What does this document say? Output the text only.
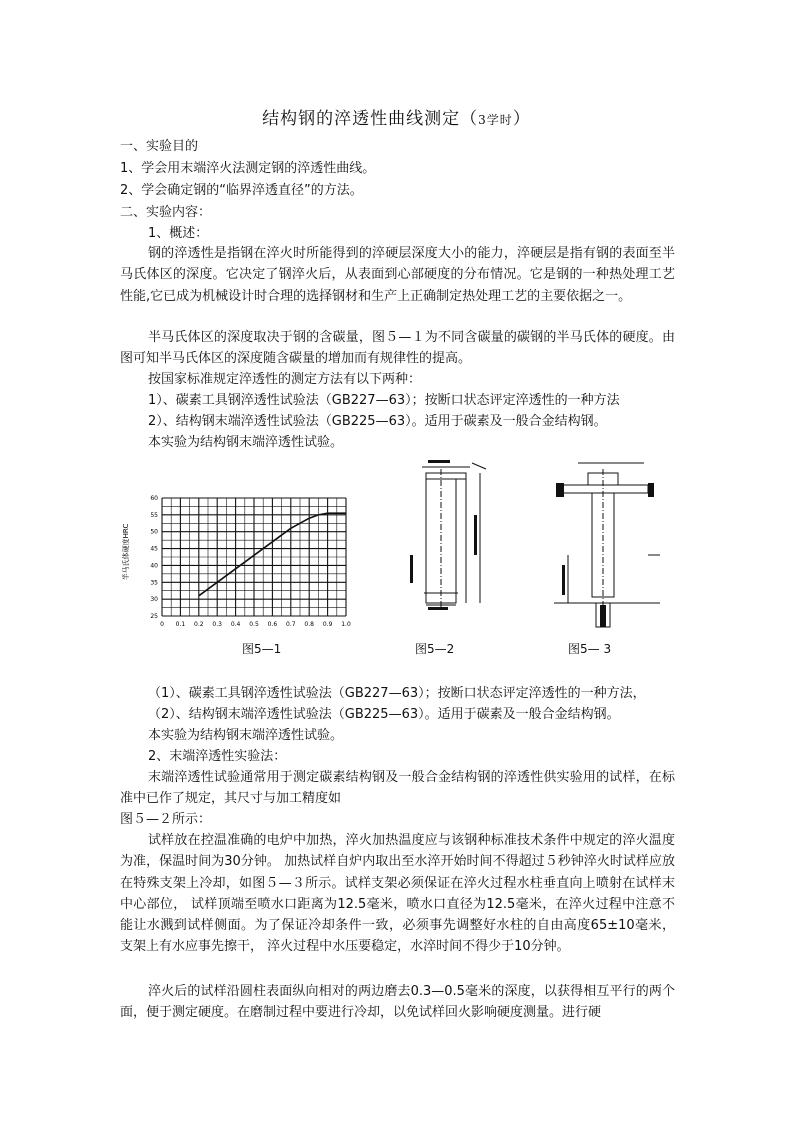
结构钢的淬透性曲线测定（3学时）
一、实验目的
1、学会用末端淬火法测定钢的淬透性曲线。
2、学会确定钢的“临界淬透直径”的方法。
二、实验内容：
1、概述：
钢的淬透性是指钢在淬火时所能得到的淬硬层深度大小的能力，淬硬层是指有钢的表面至半马氏体区的深度。它决定了钢淬火后，从表面到心部硬度的分布情况。它是钢的一种热处理工艺性能,它已成为机械设计时合理的选择钢材和生产上正确制定热处理工艺的主要依据之一。
半马氏体区的深度取决于钢的含碳量，图５—１为不同含碳量的碳钢的半马氏体的硬度。由图可知半马氏体区的深度随含碳量的增加而有规律性的提高。
按国家标准规定淬透性的测定方法有以下两种：
1）、碳素工具钢淬透性试验法（GB227—63）；按断口状态评定淬透性的一种方法
2）、结构钢末端淬透性试验法（GB225—63）。适用于碳素及一般合金结构钢。
本实验为结构钢末端淬透性试验。
0 0.1 0.2 0.3 0.4 0.5 0.6 0.7 0.8 0.9 1.0
25
30
35
40
45
50
55
60
半马氏体硬度HRC
图5—1	图5—2	图5— 3
（1）、碳素工具钢淬透性试验法（GB227—63）；按断口状态评定淬透性的一种方法，
（2）、结构钢末端淬透性试验法（GB225—63）。适用于碳素及一般合金结构钢。
本实验为结构钢末端淬透性试验。
2、末端淬透性实验法：
末端淬透性试验通常用于测定碳素结构钢及一般合金结构钢的淬透性供实验用的试样，在标准中已作了规定，其尺寸与加工精度如
图５—２所示：
试样放在控温准确的电炉中加热，淬火加热温度应与该钢种标准技术条件中规定的淬火温度为准，保温时间为30分钟。 加热试样自炉内取出至水淬开始时间不得超过５秒钟淬火时试样应放在特殊支架上冷却，如图５—３所示。试样支架必须保证在淬火过程水柱垂直向上喷射在试样末中心部位， 试样顶端至喷水口距离为12.5毫米，喷水口直径为12.5毫米，在淬火过程中注意不能让水溅到试样侧面。为了保证冷却条件一致，必须事先调整好水柱的自由高度65±10毫米， 支架上有水应事先擦干， 淬火过程中水压要稳定，水淬时间不得少于10分钟。
淬火后的试样沿圆柱表面纵向相对的两边磨去0.3—0.5毫米的深度，以获得相互平行的两个面，便于测定硬度。在磨制过程中要进行冷却，以免试样回火影响硬度测量。进行硬
